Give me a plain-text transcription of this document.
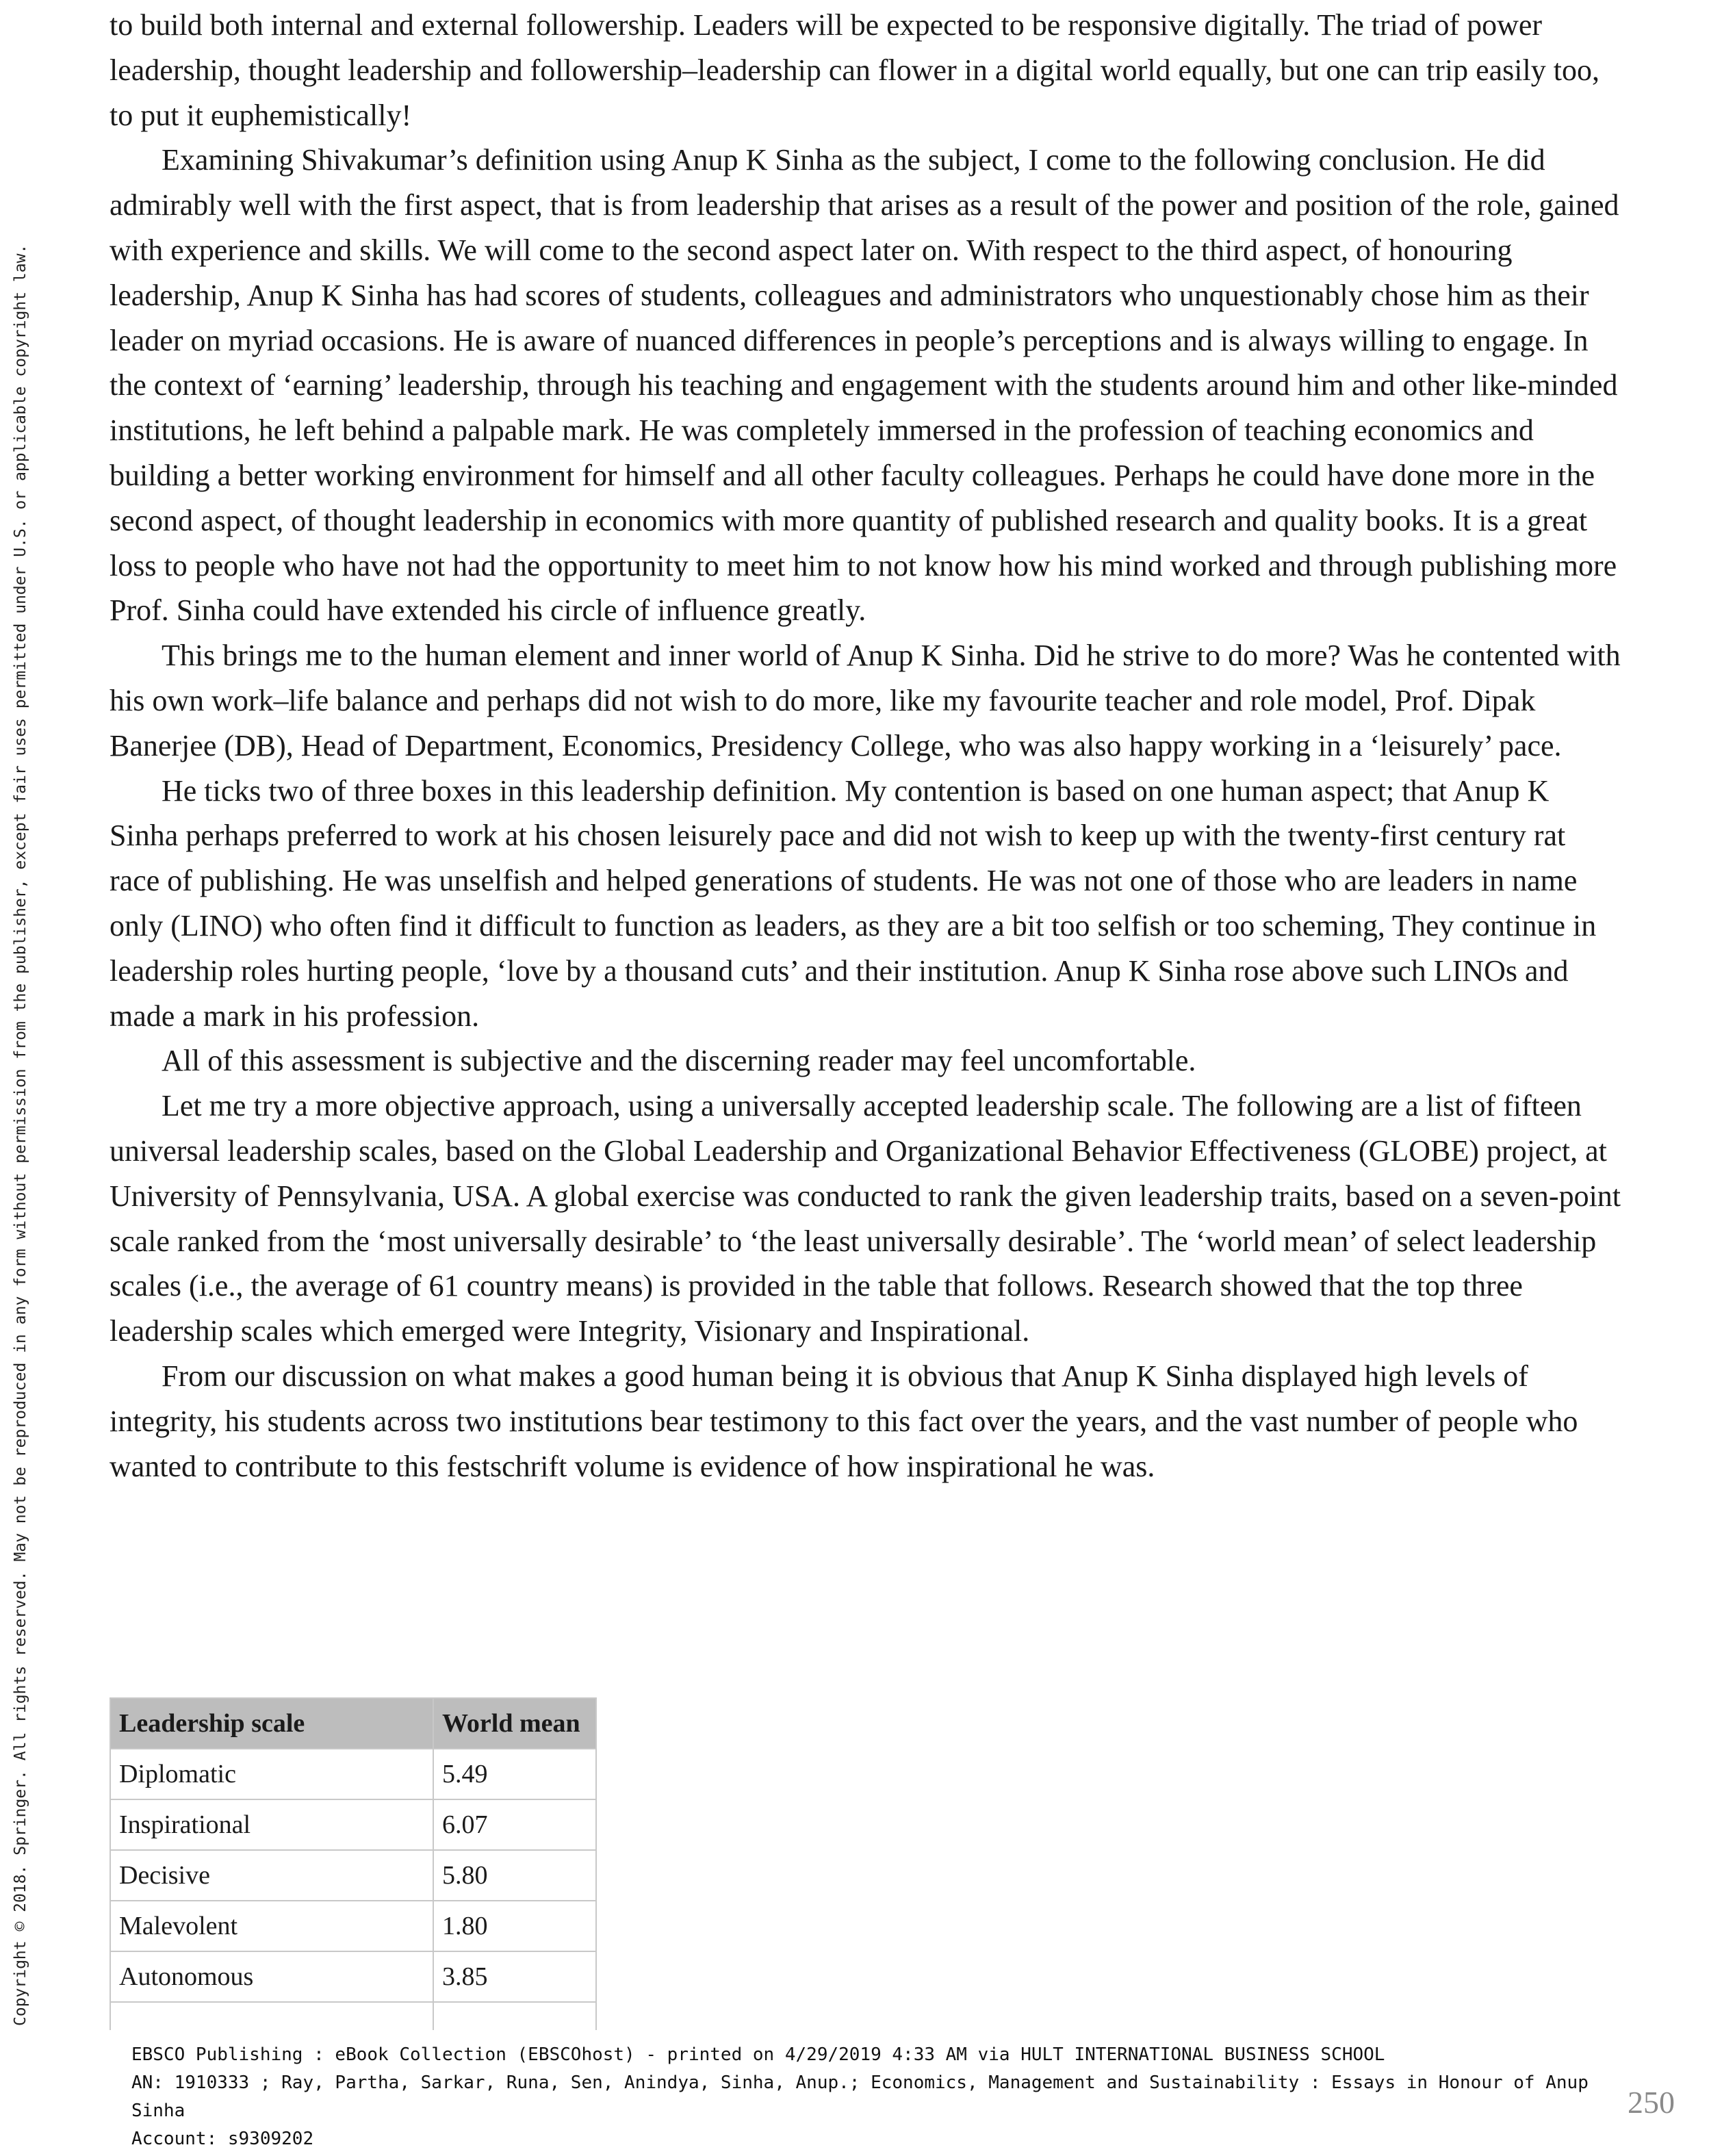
Copyright © 2018. Springer. All rights reserved. May not be reproduced in any form without permission from the publisher, except fair uses permitted under U.S. or applicable copyright law.

to build both internal and external followership. Leaders will be expected to be responsive digitally. The triad of power leadership, thought leadership and followership–leadership can flower in a digital world equally, but one can trip easily too, to put it euphemistically!

Examining Shivakumar’s definition using Anup K Sinha as the subject, I come to the following conclusion. He did admirably well with the first aspect, that is from leadership that arises as a result of the power and position of the role, gained with experience and skills. We will come to the second aspect later on. With respect to the third aspect, of honouring leadership, Anup K Sinha has had scores of students, colleagues and administrators who unquestionably chose him as their leader on myriad occasions. He is aware of nuanced differences in people’s perceptions and is always willing to engage. In the context of ‘earning’ leadership, through his teaching and engagement with the students around him and other like-minded institutions, he left behind a palpable mark. He was completely immersed in the profession of teaching economics and building a better working environment for himself and all other faculty colleagues. Perhaps he could have done more in the second aspect, of thought leadership in economics with more quantity of published research and quality books. It is a great loss to people who have not had the opportunity to meet him to not know how his mind worked and through publishing more Prof. Sinha could have extended his circle of influence greatly.

This brings me to the human element and inner world of Anup K Sinha. Did he strive to do more? Was he contented with his own work–life balance and perhaps did not wish to do more, like my favourite teacher and role model, Prof. Dipak Banerjee (DB), Head of Department, Economics, Presidency College, who was also happy working in a ‘leisurely’ pace.

He ticks two of three boxes in this leadership definition. My contention is based on one human aspect; that Anup K Sinha perhaps preferred to work at his chosen leisurely pace and did not wish to keep up with the twenty-first century rat race of publishing. He was unselfish and helped generations of students. He was not one of those who are leaders in name only (LINO) who often find it difficult to function as leaders, as they are a bit too selfish or too scheming, They continue in leadership roles hurting people, ‘love by a thousand cuts’ and their institution. Anup K Sinha rose above such LINOs and made a mark in his profession.

All of this assessment is subjective and the discerning reader may feel uncomfortable.

Let me try a more objective approach, using a universally accepted leadership scale. The following are a list of fifteen universal leadership scales, based on the Global Leadership and Organizational Behavior Effectiveness (GLOBE) project, at University of Pennsylvania, USA. A global exercise was conducted to rank the given leadership traits, based on a seven-point scale ranked from the ‘most universally desirable’ to ‘the least universally desirable’. The ‘world mean’ of select leadership scales (i.e., the average of 61 country means) is provided in the table that follows. Research showed that the top three leadership scales which emerged were Integrity, Visionary and Inspirational.

From our discussion on what makes a good human being it is obvious that Anup K Sinha displayed high levels of integrity, his students across two institutions bear testimony to this fact over the years, and the vast number of people who wanted to contribute to this festschrift volume is evidence of how inspirational he was.

Leadership scale	World mean
Diplomatic	5.49
Inspirational	6.07
Decisive	5.80
Malevolent	1.80
Autonomous	3.85

EBSCO Publishing : eBook Collection (EBSCOhost) - printed on 4/29/2019 4:33 AM via HULT INTERNATIONAL BUSINESS SCHOOL
AN: 1910333 ; Ray, Partha, Sarkar, Runa, Sen, Anindya, Sinha, Anup.; Economics, Management and Sustainability : Essays in Honour of Anup Sinha
Account: s9309202
250
